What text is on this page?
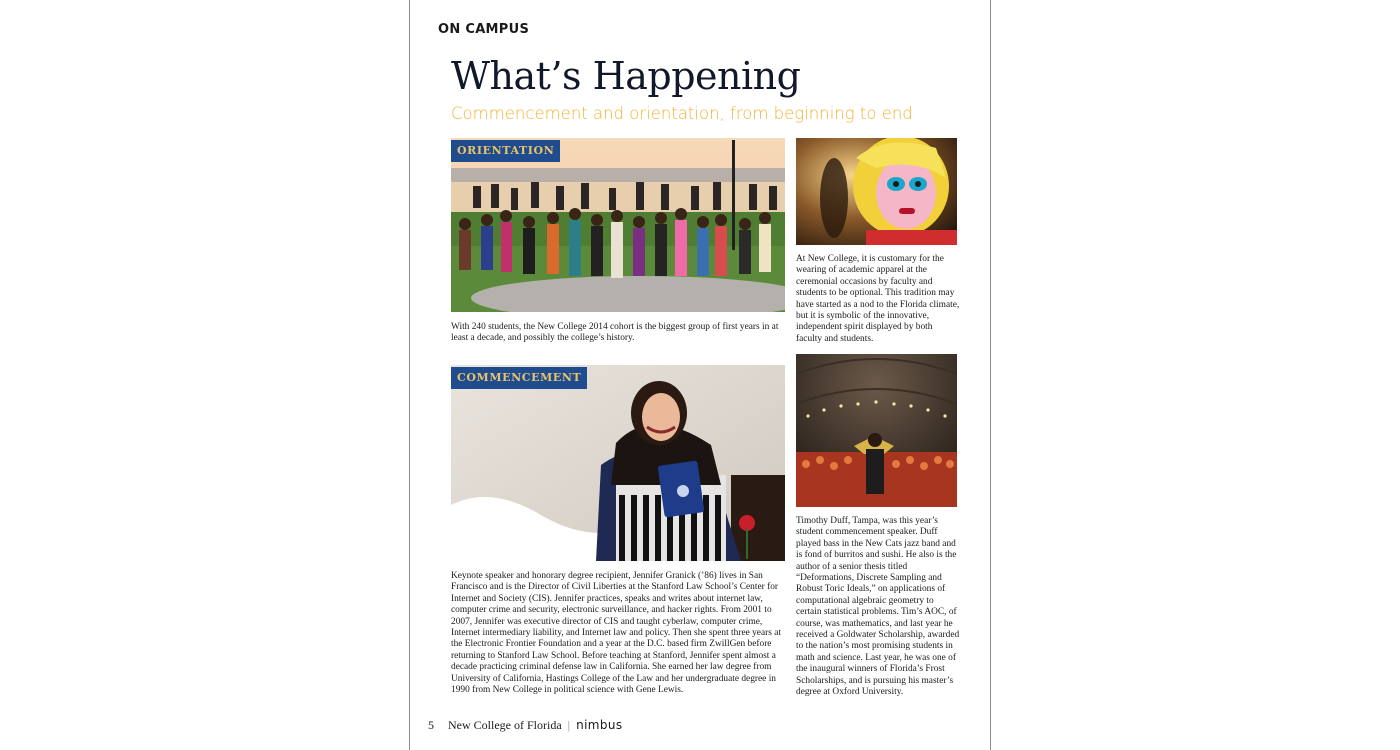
ON CAMPUS
What’s Happening
Commencement and orientation, from beginning to end
ORIENTATION
With 240 students, the New College 2014 cohort is the biggest group of first years in at least a decade, and possibly the college’s history.
At New College, it is customary for the wearing of academic apparel at the ceremonial occasions by faculty and students to be optional. This tradition may have started as a nod to the Florida climate, but it is symbolic of the innovative, independent spirit displayed by both faculty and students.
COMMENCEMENT
Keynote speaker and honorary degree recipient, Jennifer Granick (’86) lives in San Francisco and is the Director of Civil Liberties at the Stanford Law School’s Center for Internet and Society (CIS). Jennifer practices, speaks and writes about internet law, computer crime and security, electronic surveillance, and hacker rights. From 2001 to 2007, Jennifer was executive director of CIS and taught cyberlaw, computer crime, Internet intermediary liability, and Internet law and policy. Then she spent three years at the Electronic Frontier Foundation and a year at the D.C. based firm ZwillGen before returning to Stanford Law School. Before teaching at Stanford, Jennifer spent almost a decade practicing criminal defense law in California. She earned her law degree from University of California, Hastings College of the Law and her undergraduate degree in 1990 from New College in political science with Gene Lewis.
Timothy Duff, Tampa, was this year’s student commencement speaker. Duff played bass in the New Cats jazz band and is fond of burritos and sushi. He also is the author of a senior thesis titled “Deformations, Discrete Sampling and Robust Toric Ideals,” on applications of computational algebraic geometry to certain statistical problems. Tim’s AOC, of course, was mathematics, and last year he received a Goldwater Scholarship, awarded to the nation’s most promising students in math and science. Last year, he was one of the inaugural winners of Florida’s Frost Scholarships, and is pursuing his master’s degree at Oxford University.
5 New College of Florida | nimbus
